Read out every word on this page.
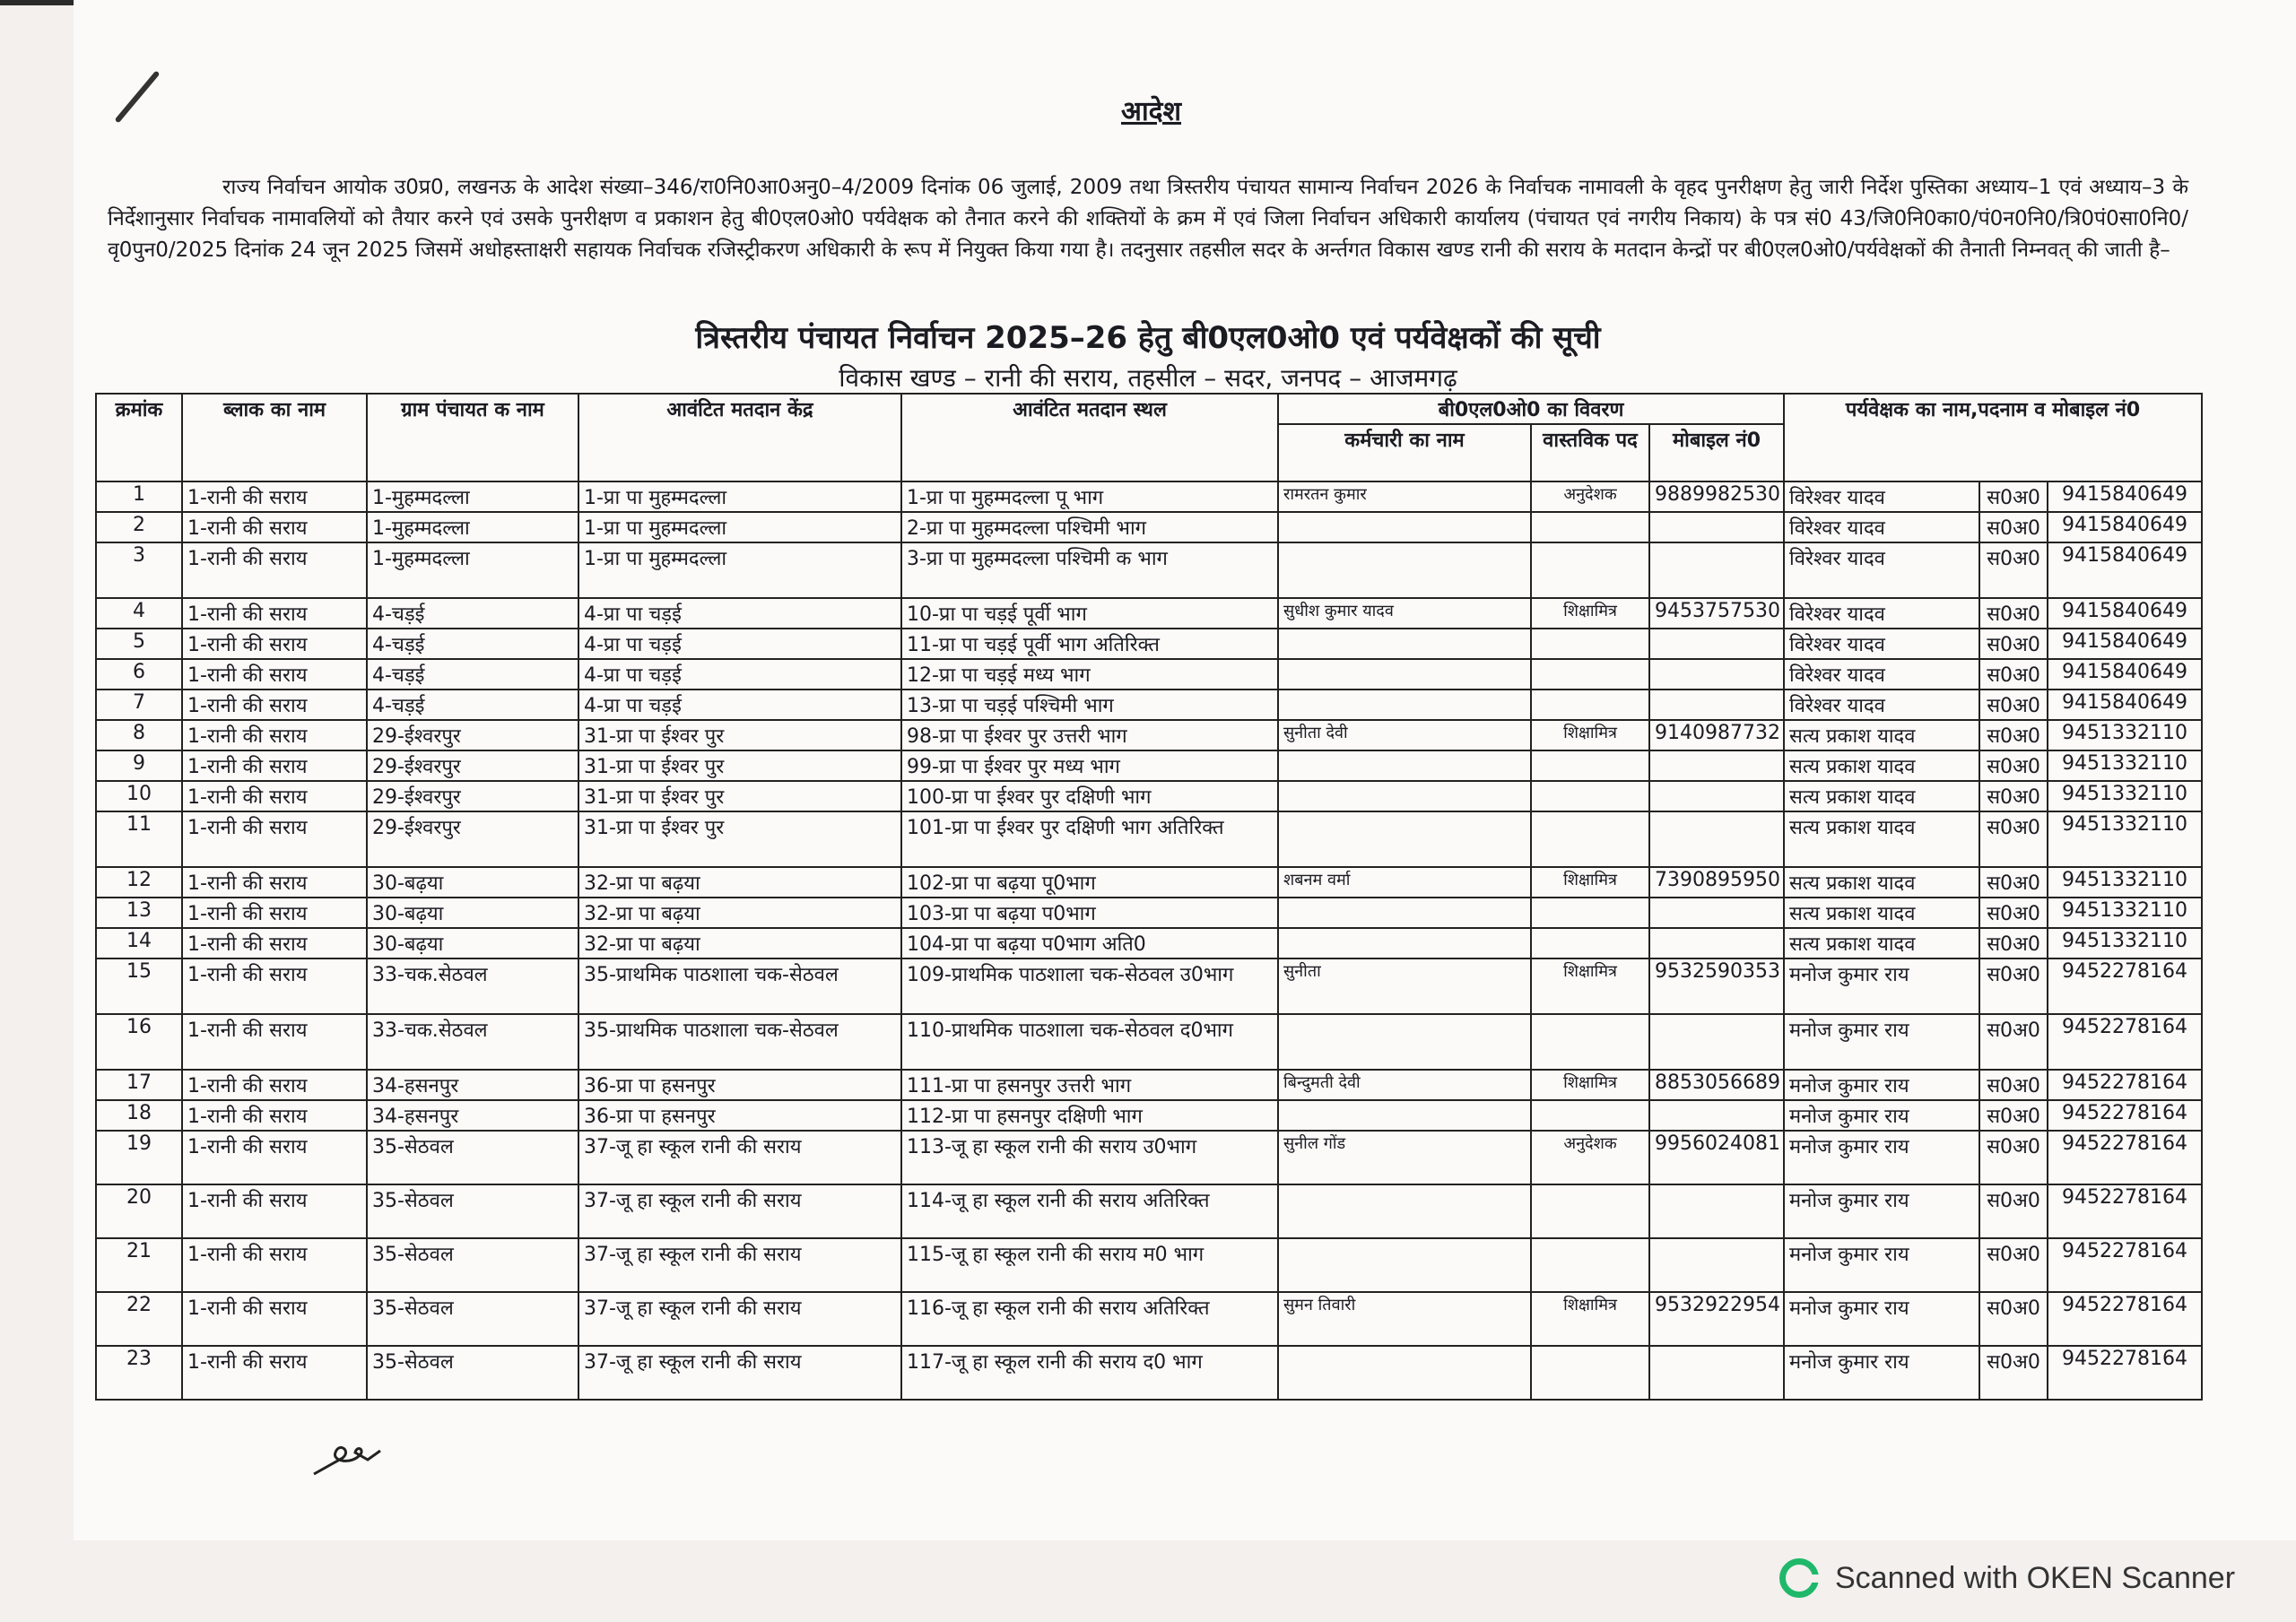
आदेश

राज्य निर्वाचन आयोक उ0प्र0, लखनऊ के आदेश संख्या–346/रा0नि0आ0अनु0–4/2009 दिनांक 06 जुलाई, 2009 तथा त्रिस्तरीय पंचायत सामान्य निर्वाचन 2026 के निर्वाचक नामावली के वृहद पुनरीक्षण हेतु जारी निर्देश पुस्तिका अध्याय–1 एवं अध्याय–3 के निर्देशानुसार निर्वाचक नामावलियों को तैयार करने एवं उसके पुनरीक्षण व प्रकाशन हेतु बी0एल0ओ0 पर्यवेक्षक को तैनात करने की शक्तियों के क्रम में एवं जिला निर्वाचन अधिकारी कार्यालय (पंचायत एवं नगरीय निकाय) के पत्र सं0 43/जि0नि0का0/पं0न0नि0/त्रि0पं0सा0नि0/वृ0पुन0/2025 दिनांक 24 जून 2025 जिसमें अधोहस्ताक्षरी सहायक निर्वाचक रजिस्ट्रीकरण अधिकारी के रूप में नियुक्त किया गया है। तदनुसार तहसील सदर के अर्न्तगत विकास खण्ड रानी की सराय के मतदान केन्द्रों पर बी0एल0ओ0/पर्यवेक्षकों की तैनाती निम्नवत् की जाती है–

त्रिस्तरीय पंचायत निर्वाचन 2025–26 हेतु बी0एल0ओ0 एवं पर्यवेक्षकों की सूची
विकास खण्ड – रानी की सराय, तहसील – सदर, जनपद – आजमगढ़
क्रमांक	ब्लाक का नाम	ग्राम पंचायत क नाम	आवंटित मतदान केंद्र	आवंटित मतदान स्थल	बी0एल0ओ0 का विवरण	पर्यवेक्षक का नाम,पदनाम व मोबाइल नं0
कर्मचारी का नाम	वास्तविक पद	मोबाइल नं0
1	1-रानी की सराय	1-मुहम्मदल्ला	1-प्रा पा मुहम्मदल्ला	1-प्रा पा मुहम्मदल्ला पू भाग	रामरतन कुमार	अनुदेशक	9889982530	विरेश्वर यादव	स0अ0	9415840649
2	1-रानी की सराय	1-मुहम्मदल्ला	1-प्रा पा मुहम्मदल्ला	2-प्रा पा मुहम्मदल्ला पश्चिमी भाग				विरेश्वर यादव	स0अ0	9415840649
3	1-रानी की सराय	1-मुहम्मदल्ला	1-प्रा पा मुहम्मदल्ला	3-प्रा पा मुहम्मदल्ला पश्चिमी क भाग				विरेश्वर यादव	स0अ0	9415840649
4	1-रानी की सराय	4-चड़ई	4-प्रा पा चड़ई	10-प्रा पा चड़ई पूर्वी भाग	सुधीश कुमार यादव	शिक्षामित्र	9453757530	विरेश्वर यादव	स0अ0	9415840649
5	1-रानी की सराय	4-चड़ई	4-प्रा पा चड़ई	11-प्रा पा चड़ई पूर्वी भाग अतिरिक्त				विरेश्वर यादव	स0अ0	9415840649
6	1-रानी की सराय	4-चड़ई	4-प्रा पा चड़ई	12-प्रा पा चड़ई मध्य भाग				विरेश्वर यादव	स0अ0	9415840649
7	1-रानी की सराय	4-चड़ई	4-प्रा पा चड़ई	13-प्रा पा चड़ई पश्चिमी भाग				विरेश्वर यादव	स0अ0	9415840649
8	1-रानी की सराय	29-ईश्वरपुर	31-प्रा पा ईश्वर पुर	98-प्रा पा ईश्वर पुर उत्तरी भाग	सुनीता देवी	शिक्षामित्र	9140987732	सत्य प्रकाश यादव	स0अ0	9451332110
9	1-रानी की सराय	29-ईश्वरपुर	31-प्रा पा ईश्वर पुर	99-प्रा पा ईश्वर पुर मध्य भाग				सत्य प्रकाश यादव	स0अ0	9451332110
10	1-रानी की सराय	29-ईश्वरपुर	31-प्रा पा ईश्वर पुर	100-प्रा पा ईश्वर पुर दक्षिणी भाग				सत्य प्रकाश यादव	स0अ0	9451332110
11	1-रानी की सराय	29-ईश्वरपुर	31-प्रा पा ईश्वर पुर	101-प्रा पा ईश्वर पुर दक्षिणी भाग अतिरिक्त				सत्य प्रकाश यादव	स0अ0	9451332110
12	1-रानी की सराय	30-बढ़या	32-प्रा पा बढ़या	102-प्रा पा बढ़या पू0भाग	शबनम वर्मा	शिक्षामित्र	7390895950	सत्य प्रकाश यादव	स0अ0	9451332110
13	1-रानी की सराय	30-बढ़या	32-प्रा पा बढ़या	103-प्रा पा बढ़या प0भाग				सत्य प्रकाश यादव	स0अ0	9451332110
14	1-रानी की सराय	30-बढ़या	32-प्रा पा बढ़या	104-प्रा पा बढ़या प0भाग अति0				सत्य प्रकाश यादव	स0अ0	9451332110
15	1-रानी की सराय	33-चक.सेठवल	35-प्राथमिक पाठशाला चक-सेठवल	109-प्राथमिक पाठशाला चक-सेठवल उ0भाग	सुनीता	शिक्षामित्र	9532590353	मनोज कुमार राय	स0अ0	9452278164
16	1-रानी की सराय	33-चक.सेठवल	35-प्राथमिक पाठशाला चक-सेठवल	110-प्राथमिक पाठशाला चक-सेठवल द0भाग				मनोज कुमार राय	स0अ0	9452278164
17	1-रानी की सराय	34-हसनपुर	36-प्रा पा हसनपुर	111-प्रा पा हसनपुर उत्तरी भाग	बिन्दुमती देवी	शिक्षामित्र	8853056689	मनोज कुमार राय	स0अ0	9452278164
18	1-रानी की सराय	34-हसनपुर	36-प्रा पा हसनपुर	112-प्रा पा हसनपुर दक्षिणी भाग				मनोज कुमार राय	स0अ0	9452278164
19	1-रानी की सराय	35-सेठवल	37-जू हा स्कूल रानी की सराय	113-जू हा स्कूल रानी की सराय उ0भाग	सुनील गोंड	अनुदेशक	9956024081	मनोज कुमार राय	स0अ0	9452278164
20	1-रानी की सराय	35-सेठवल	37-जू हा स्कूल रानी की सराय	114-जू हा स्कूल रानी की सराय अतिरिक्त				मनोज कुमार राय	स0अ0	9452278164
21	1-रानी की सराय	35-सेठवल	37-जू हा स्कूल रानी की सराय	115-जू हा स्कूल रानी की सराय म0 भाग				मनोज कुमार राय	स0अ0	9452278164
22	1-रानी की सराय	35-सेठवल	37-जू हा स्कूल रानी की सराय	116-जू हा स्कूल रानी की सराय अतिरिक्त	सुमन तिवारी	शिक्षामित्र	9532922954	मनोज कुमार राय	स0अ0	9452278164
23	1-रानी की सराय	35-सेठवल	37-जू हा स्कूल रानी की सराय	117-जू हा स्कूल रानी की सराय द0 भाग				मनोज कुमार राय	स0अ0	9452278164
Scanned with OKEN Scanner
